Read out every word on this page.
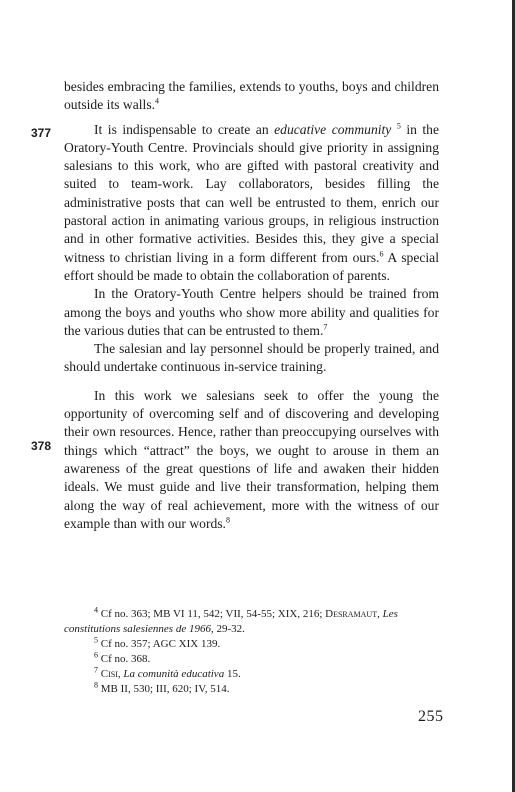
besides embracing the families, extends to youths, boys and children outside its walls.$^4$

It is indispensable to create an educative community $^5$ in the Oratory-Youth Centre. Provincials should give priority in assigning salesians to this work, who are gifted with pastoral creativity and suited to team-work. Lay collaborators, besides filling the administrative posts that can well be entrusted to them, enrich our pastoral action in animating various groups, in religious instruction and in other formative activities. Besides this, they give a special witness to christian living in a form different from ours.$^6$ A special effort should be made to obtain the collaboration of parents.

In the Oratory-Youth Centre helpers should be trained from among the boys and youths who show more ability and qualities for the various duties that can be entrusted to them.$^7$

The salesian and lay personnel should be properly trained, and should undertake continuous in-service training.

In this work we salesians seek to offer the young the opportunity of overcoming self and of discovering and developing their own resources. Hence, rather than preoccupying ourselves with things which “attract” the boys, we ought to arouse in them an awareness of the great questions of life and awaken their hidden ideals. We must guide and live their transformation, helping them along the way of real achievement, more with the witness of our example than with our words.$^8$

$^4$ Cf no. 363; MB VI 11, 542; VII, 54-55; XIX, 216; Desramaut, Les constitutions salesiennes de 1966, 29-32.

$^5$ Cf no. 357; AGC XIX 139.

$^6$ Cf no. 368.

$^7$ Cisi, La comunità educativa 15.

$^8$ MB II, 530; III, 620; IV, 514.

255
377
378
